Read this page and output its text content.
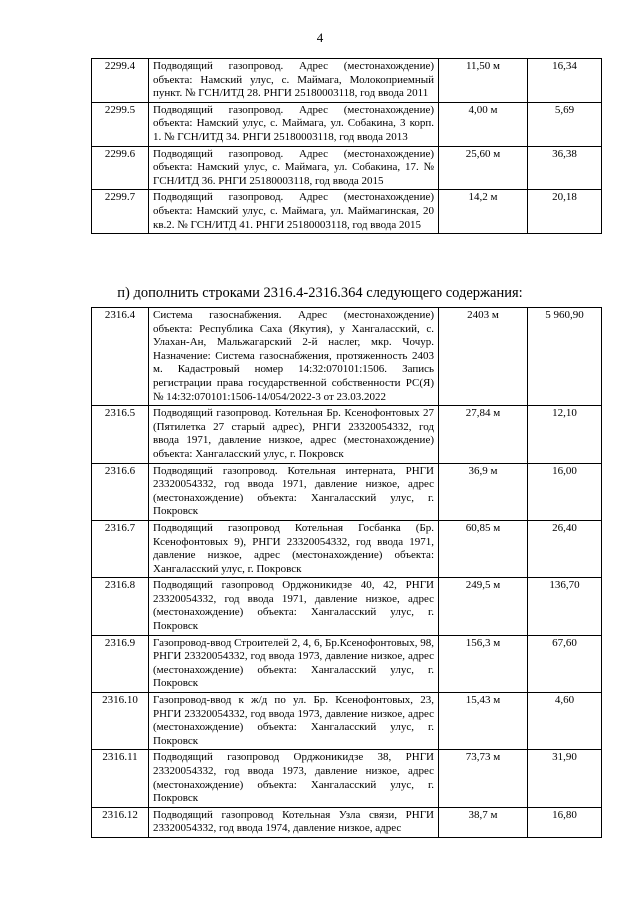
4
2299.4	Подводящий газопровод. Адрес (местонахождение) объекта: Намский улус, с. Маймага, Молокоприемный пункт. № ГСН/ИТД 28. РНГИ 25180003118, год ввода 2011	11,50 м	16,34
2299.5	Подводящий газопровод. Адрес (местонахождение) объекта: Намский улус, с. Маймага, ул. Собакина, 3 корп. 1. № ГСН/ИТД 34. РНГИ 25180003118, год ввода 2013	4,00 м	5,69
2299.6	Подводящий газопровод. Адрес (местонахождение) объекта: Намский улус, с. Маймага, ул. Собакина, 17. № ГСН/ИТД 36. РНГИ 25180003118, год ввода 2015	25,60 м	36,38
2299.7	Подводящий газопровод. Адрес (местонахождение) объекта: Намский улус, с. Маймага, ул. Маймагинская, 20 кв.2. № ГСН/ИТД 41. РНГИ 25180003118, год ввода 2015	14,2 м	20,18
п) дополнить строками 2316.4-2316.364 следующего содержания:
2316.4	Система газоснабжения. Адрес (местонахождение) объекта: Республика Саха (Якутия), у Хангаласский, с. Улахан-Ан, Мальжагарский 2-й наслег, мкр. Чочур. Назначение: Система газоснабжения, протяженность 2403 м. Кадастровый номер 14:32:070101:1506. Запись регистрации права государственной собственности РС(Я) № 14:32:070101:1506-14/054/2022-3 от 23.03.2022	2403 м	5 960,90
2316.5	Подводящий газопровод. Котельная Бр. Ксенофонтовых 27 (Пятилетка 27 старый адрес), РНГИ 23320054332, год ввода 1971, давление низкое, адрес (местонахождение) объекта: Хангаласский улус, г. Покровск	27,84 м	12,10
2316.6	Подводящий газопровод. Котельная интерната, РНГИ 23320054332, год ввода 1971, давление низкое, адрес (местонахождение) объекта: Хангаласский улус, г. Покровск	36,9 м	16,00
2316.7	Подводящий газопровод Котельная Госбанка (Бр. Ксенофонтовых 9), РНГИ 23320054332, год ввода 1971, давление низкое, адрес (местонахождение) объекта: Хангаласский улус, г. Покровск	60,85 м	26,40
2316.8	Подводящий газопровод Орджоникидзе 40, 42, РНГИ 23320054332, год ввода 1971, давление низкое, адрес (местонахождение) объекта: Хангаласский улус, г. Покровск	249,5 м	136,70
2316.9	Газопровод-ввод Строителей 2, 4, 6, Бр.Ксенофонтовых, 98, РНГИ 23320054332, год ввода 1973, давление низкое, адрес (местонахождение) объекта: Хангаласский улус, г. Покровск	156,3 м	67,60
2316.10	Газопровод-ввод к ж/д по ул. Бр. Ксенофонтовых, 23, РНГИ 23320054332, год ввода 1973, давление низкое, адрес (местонахождение) объекта: Хангаласский улус, г. Покровск	15,43 м	4,60
2316.11	Подводящий газопровод Орджоникидзе 38, РНГИ 23320054332, год ввода 1973, давление низкое, адрес (местонахождение) объекта: Хангаласский улус, г. Покровск	73,73 м	31,90
2316.12	Подводящий газопровод Котельная Узла связи, РНГИ 23320054332, год ввода 1974, давление низкое, адрес	38,7 м	16,80
